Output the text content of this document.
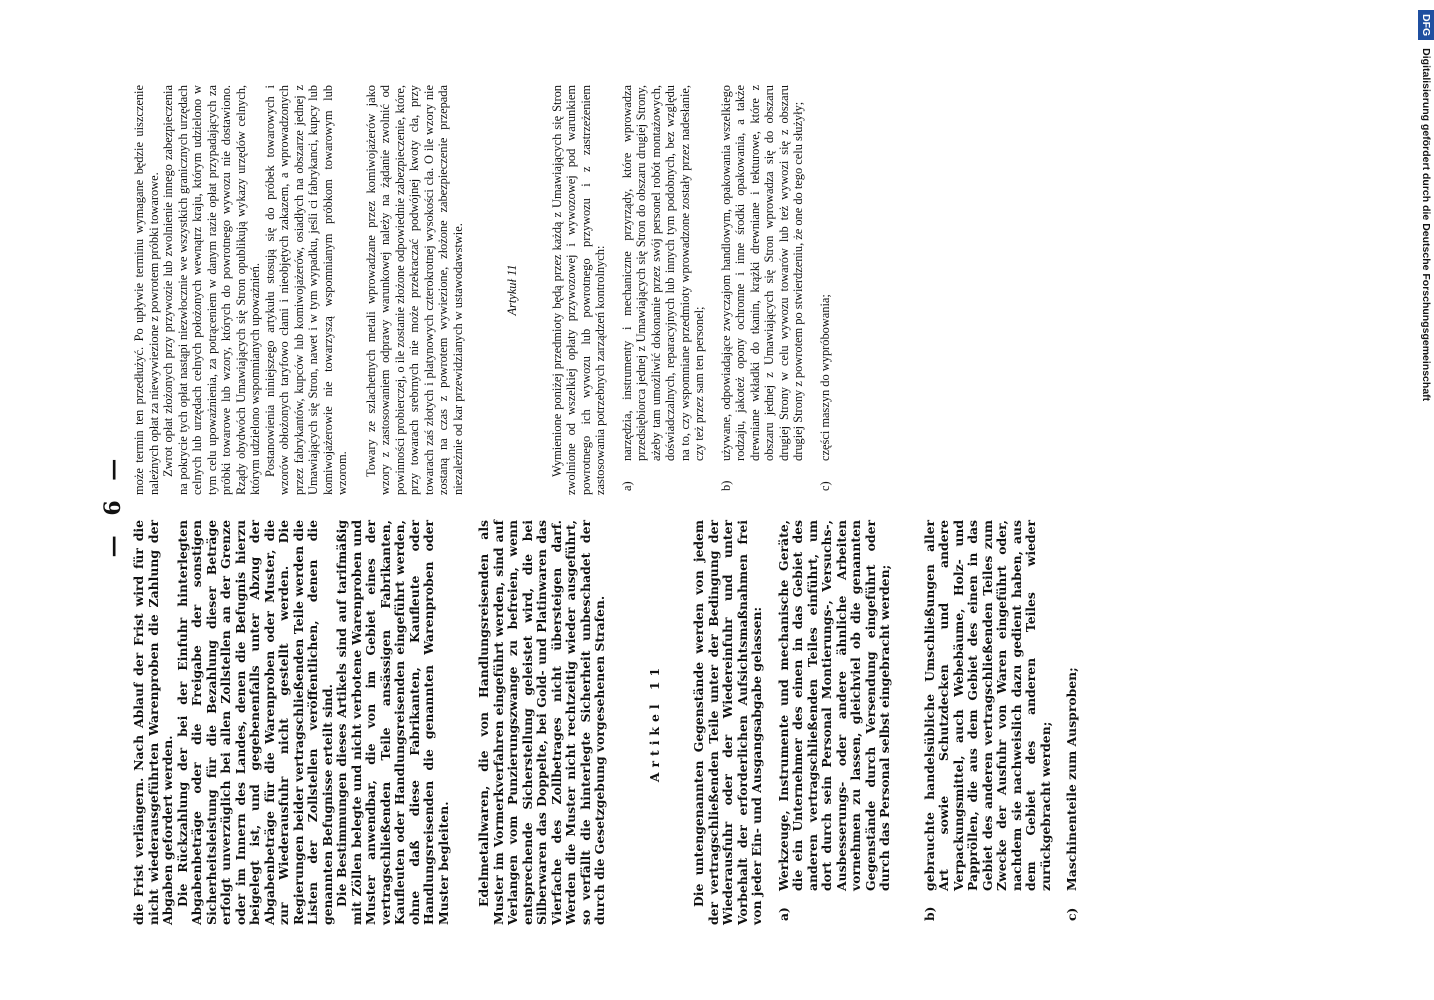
— 6 —

die Frist verlängern. Nach Ablauf der Frist wird für die nicht wiederausgeführten Warenproben die Zahlung der Abgaben gefordert werden. Die Rückzahlung der bei der Einfuhr hinterlegten Abgabenbeträge oder die Freigabe der sonstigen Sicherheitsleistung für die Bezahlung dieser Beträge erfolgt unverzüglich bei allen Zollstellen an der Grenze oder im Innern des Landes, denen die Befugnis hierzu beigelegt ist, und gegebenenfalls unter Abzug der Abgabenbeträge für die Warenproben oder Muster, die zur Wiederausfuhr nicht gestellt werden. Die Regierungen beider vertragschließenden Teile werden die Listen der Zollstellen veröffentlichen, denen die genannten Befugnisse erteilt sind. Die Bestimmungen dieses Artikels sind auf tarifmäßig mit Zöllen belegte und nicht verbotene Warenproben und Muster anwendbar, die von im Gebiet eines der vertragschließenden Teile ansässigen Fabrikanten, Kaufleuten oder Handlungsreisenden eingeführt werden, ohne daß diese Fabrikanten, Kaufleute oder Handlungsreisenden die genannten Warenproben oder Muster begleiten. Edelmetallwaren, die von Handlungsreisenden als Muster im Vormerkverfahren eingeführt werden, sind auf Verlangen vom Punzierungszwange zu befreien, wenn entsprechende Sicherstellung geleistet wird, die bei Silberwaren das Doppelte, bei Gold- und Platinwaren das Vierfache des Zollbetrages nicht übersteigen darf. Werden die Muster nicht rechtzeitig wieder ausgeführt, so verfällt die hinterlegte Sicherheit unbeschadet der durch die Gesetzgebung vorgesehenen Strafen.	Artikel 11 Die untengenannten Gegenstände werden von jedem der vertragschließenden Teile unter der Bedingung der Wiederausfuhr oder der Wiedereinfuhr und unter Vorbehalt der erforderlichen Aufsichtsmaßnahmen frei von jeder Ein- und Ausgangsabgabe gelassen: a)
Werkzeuge, Instrumente und mechanische Geräte, die ein Unternehmer des einen in das Gebiet des anderen vertragschließenden Teiles einführt, um dort durch sein Personal Montierungs-, Versuchs-, Ausbesserungs- oder andere ähnliche Arbeiten vornehmen zu lassen, gleichviel ob die genannten Gegenstände durch Versendung eingeführt oder durch das Personal selbst eingebracht werden;
b)
gebrauchte handelsübliche Umschließungen aller Art sowie Schutzdecken und andere Verpackungsmittel, auch Webebäume, Holz- und Pappröllen, die aus dem Gebiet des einen in das Gebiet des anderen vertragschließenden Teiles zum Zwecke der Ausfuhr von Waren eingeführt oder, nachdem sie nachweislich dazu gedient haben, aus dem Gebiet des anderen Teiles wieder zurückgebracht werden;
c)
Maschinenteile zum Ausproben;

może termin ten przedłużyć. Po upływie terminu wymagane będzie uiszczenie należnych opłat za niewywiezione z powrotem próbki towarowe. Zwrot opłat złożonych przy przywozie lub zwolnienie innego zabezpieczenia na pokrycie tych opłat nastąpi niezwłocznie we wszystkich granicznych urzędach celnych lub urzędach celnych położonych wewnątrz kraju, którym udzielono w tym celu upoważnienia, za potrąceniem w danym razie opłat przypadających za próbki towarowe lub wzory, których do powrotnego wywozu nie dostawiono. Rządy obydwóch Umawiających się Stron opublikują wykazy urzędów celnych, którym udzielono wspomnianych upoważnień. Postanowienia niniejszego artykułu stosują się do próbek towarowych i wzorów obłożonych taryfowo cłami i nieobjętych zakazem, a wprowadzonych przez fabrykantów, kupców lub komiwojażerów, osiadłych na obszarze jednej z Umawiających się Stron, nawet i w tym wypadku, jeśli ci fabrykanci, kupcy lub komiwojażerowie nie towarzyszą wspomnianym próbkom towarowym lub wzorom. Towary ze szlachetnych metali wprowadzane przez komiwojażerów jako wzory z zastosowaniem odprawy warunkowej należy na żądanie zwolnić od powinności probierczej, o ile zostanie złożone odpowiednie zabezpieczenie, które, przy towarach srebrnych nie może przekraczać podwójnej kwoty cła, przy towarach zaś złotych i platynowych czterokrotnej wysokości cła. O ile wzory nie zostaną na czas z powrotem wywiezione, złożone zabezpieczenie przepada niezależnie od kar przewidzianych w ustawodawstwie.	Artykuł 11 Wymienione poniżej przedmioty będą przez każdą z Umawiających się Stron zwolnione od wszelkiej opłaty przywozowej i wywozowej pod warunkiem powrotnego ich wywozu lub powrotnego przywozu i z zastrzeżeniem zastosowania potrzebnych zarządzeń kontrolnych: a)
narzędzia, instrumenty i mechaniczne przyrządy, które wprowadza przedsiębiorca jednej z Umawiających się Stron do obszaru drugiej Strony, ażeby tam umożliwić dokonanie przez swój personel robót montażowych, doświadczalnych, reparacyjnych lub innych tym podobnych, bez względu na to, czy wspomniane przedmioty wprowadzone zostały przez nadesłanie, czy też przez sam ten personel;
b)
używane, odpowiadające zwyczajom handlowym, opakowania wszelkiego rodzaju, jakoteż opony ochronne i inne środki opakowania, a także drewniane wkładki do tkanin, krążki drewniane i tekturowe, które z obszaru jednej z Umawiających się Stron wprowadza się do obszaru drugiej Strony w celu wywozu towarów lub też wywozi się z obszaru drugiej Strony z powrotem po stwierdzeniu, że one do tego celu służyły;
c)
części maszyn do wypróbowania;
DFGDigitalisierung gefördert durch die Deutsche Forschungsgemeinschaft
